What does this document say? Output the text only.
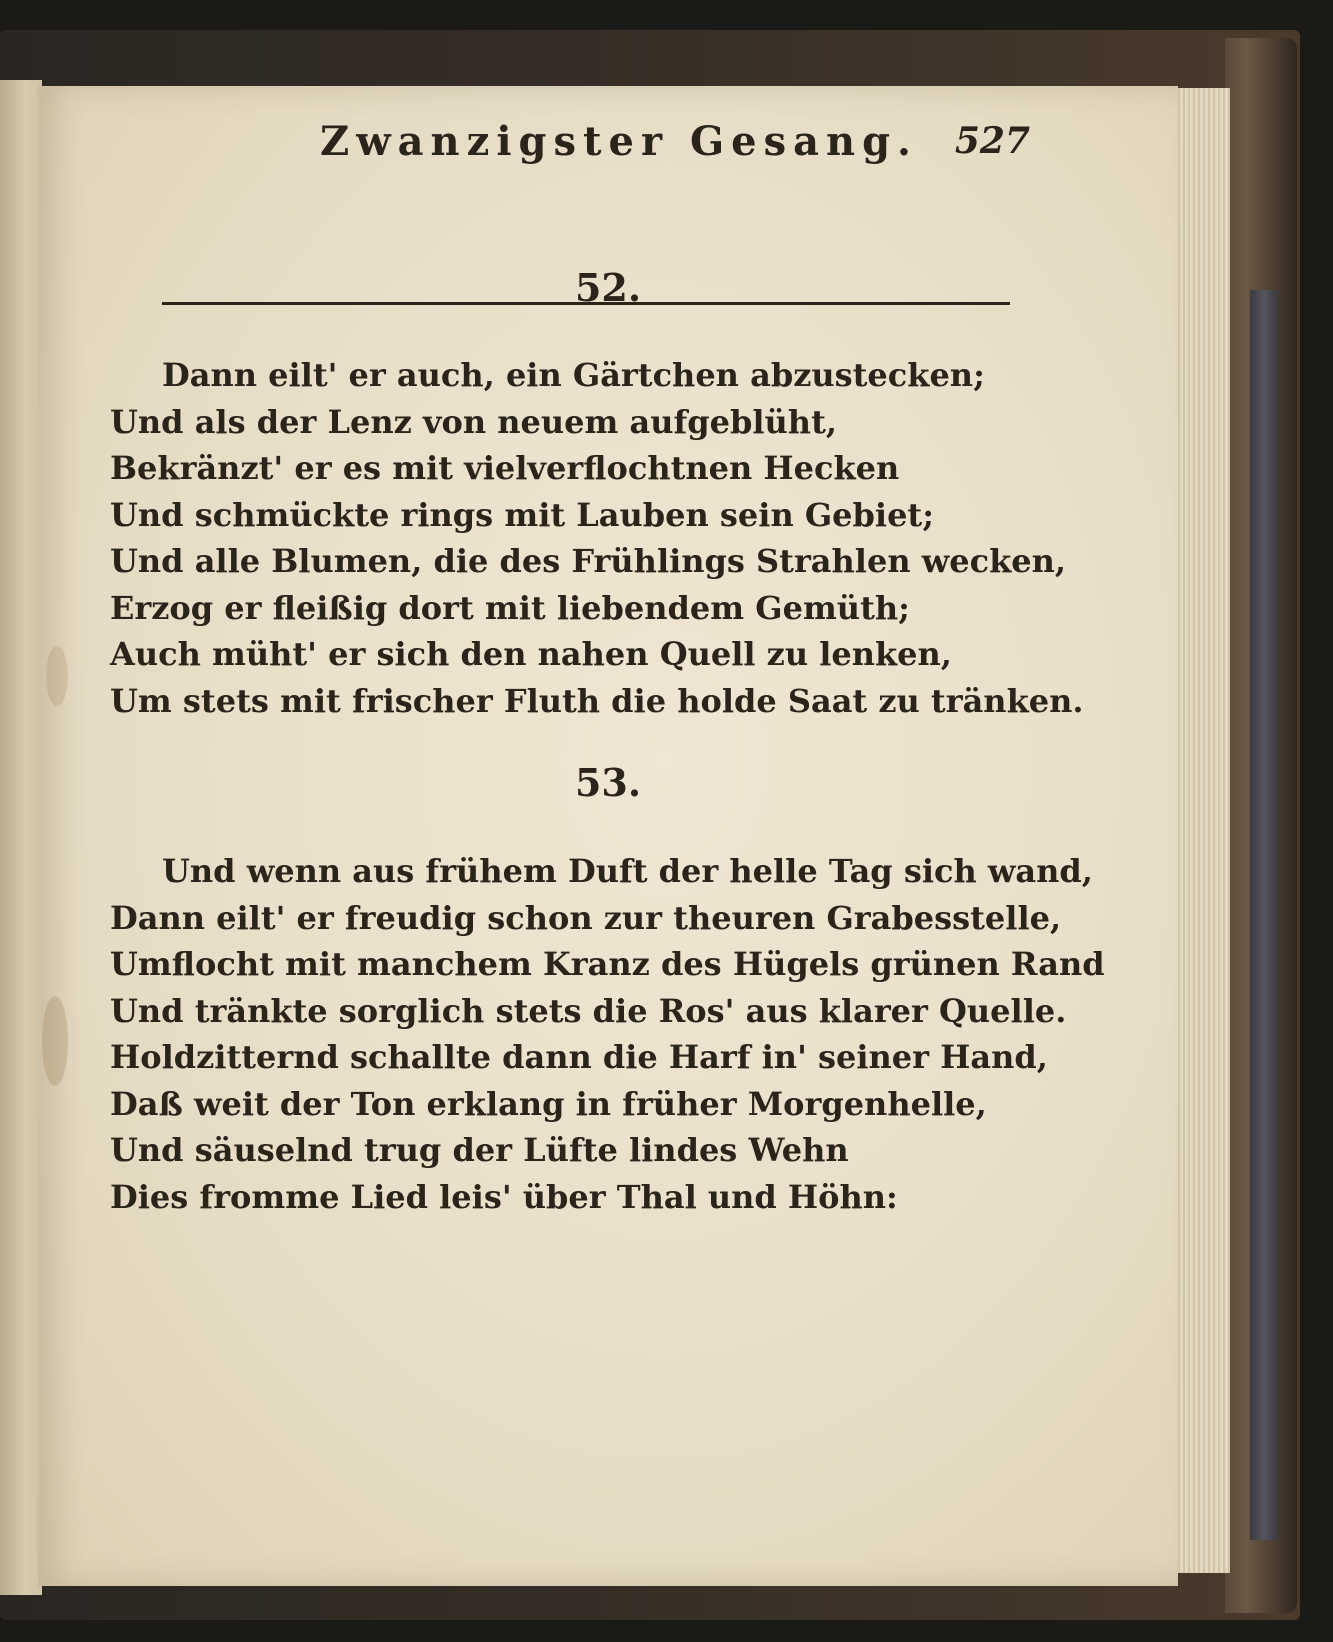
Zwanzigster Gesang. 527
52.
Dann eilt' er auch, ein Gärtchen abzustecken;
Und als der Lenz von neuem aufgeblüht,
Bekränzt' er es mit vielverflochtnen Hecken
Und schmückte rings mit Lauben sein Gebiet;
Und alle Blumen, die des Frühlings Strahlen wecken,
Erzog er fleißig dort mit liebendem Gemüth;
Auch müht' er sich den nahen Quell zu lenken,
Um stets mit frischer Fluth die holde Saat zu tränken.
53.
Und wenn aus frühem Duft der helle Tag sich wand,
Dann eilt' er freudig schon zur theuren Grabesstelle,
Umflocht mit manchem Kranz des Hügels grünen Rand
Und tränkte sorglich stets die Ros' aus klarer Quelle.
Holdzitternd schallte dann die Harf in' seiner Hand,
Daß weit der Ton erklang in früher Morgenhelle,
Und säuselnd trug der Lüfte lindes Wehn
Dies fromme Lied leis' über Thal und Höhn:
